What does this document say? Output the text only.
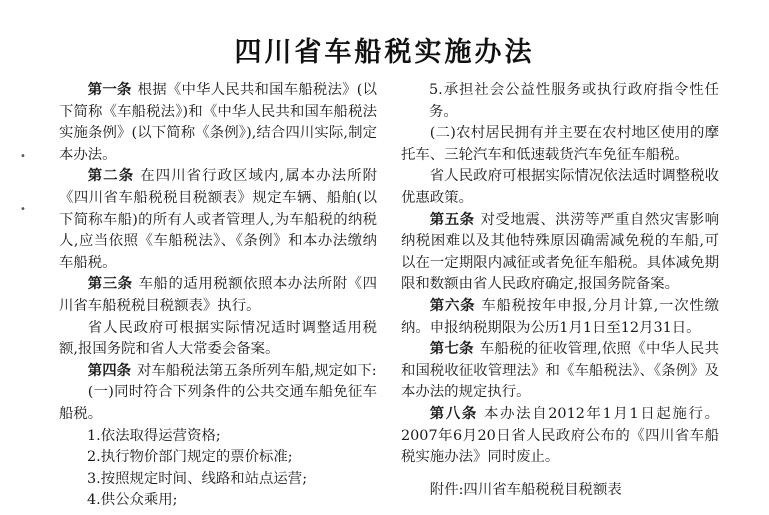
四川省车船税实施办法
•
•

第一条 根据《中华人民共和国车船税法》(以下简称《车船税法》)和《中华人民共和国车船税法实施条例》(以下简称《条例》),结合四川实际,制定本办法。

第二条 在四川省行政区域内,属本办法所附《四川省车船税税目税额表》规定车辆、船舶(以下简称车船)的所有人或者管理人,为车船税的纳税人,应当依照《车船税法》、《条例》和本办法缴纳车船税。

第三条 车船的适用税额依照本办法所附《四川省车船税税目税额表》执行。

省人民政府可根据实际情况适时调整适用税额,报国务院和省人大常委会备案。

第四条 对车船税法第五条所列车船,规定如下:

(一)同时符合下列条件的公共交通车船免征车船税。

1.依法取得运营资格;

2.执行物价部门规定的票价标准;

3.按照规定时间、线路和站点运营;

4.供公众乘用;

5.承担社会公益性服务或执行政府指令性任务。

(二)农村居民拥有并主要在农村地区使用的摩托车、三轮汽车和低速载货汽车免征车船税。

省人民政府可根据实际情况依法适时调整税收优惠政策。

第五条 对受地震、洪涝等严重自然灾害影响纳税困难以及其他特殊原因确需减免税的车船,可以在一定期限内减征或者免征车船税。具体减免期限和数额由省人民政府确定,报国务院备案。

第六条 车船税按年申报,分月计算,一次性缴纳。申报纳税期限为公历1月1日至12月31日。

第七条 车船税的征收管理,依照《中华人民共和国税收征收管理法》和《车船税法》、《条例》及本办法的规定执行。

第八条 本办法自2012年1月1日起施行。2007年6月20日省人民政府公布的《四川省车船税实施办法》同时废止。

附件:四川省车船税税目税额表
